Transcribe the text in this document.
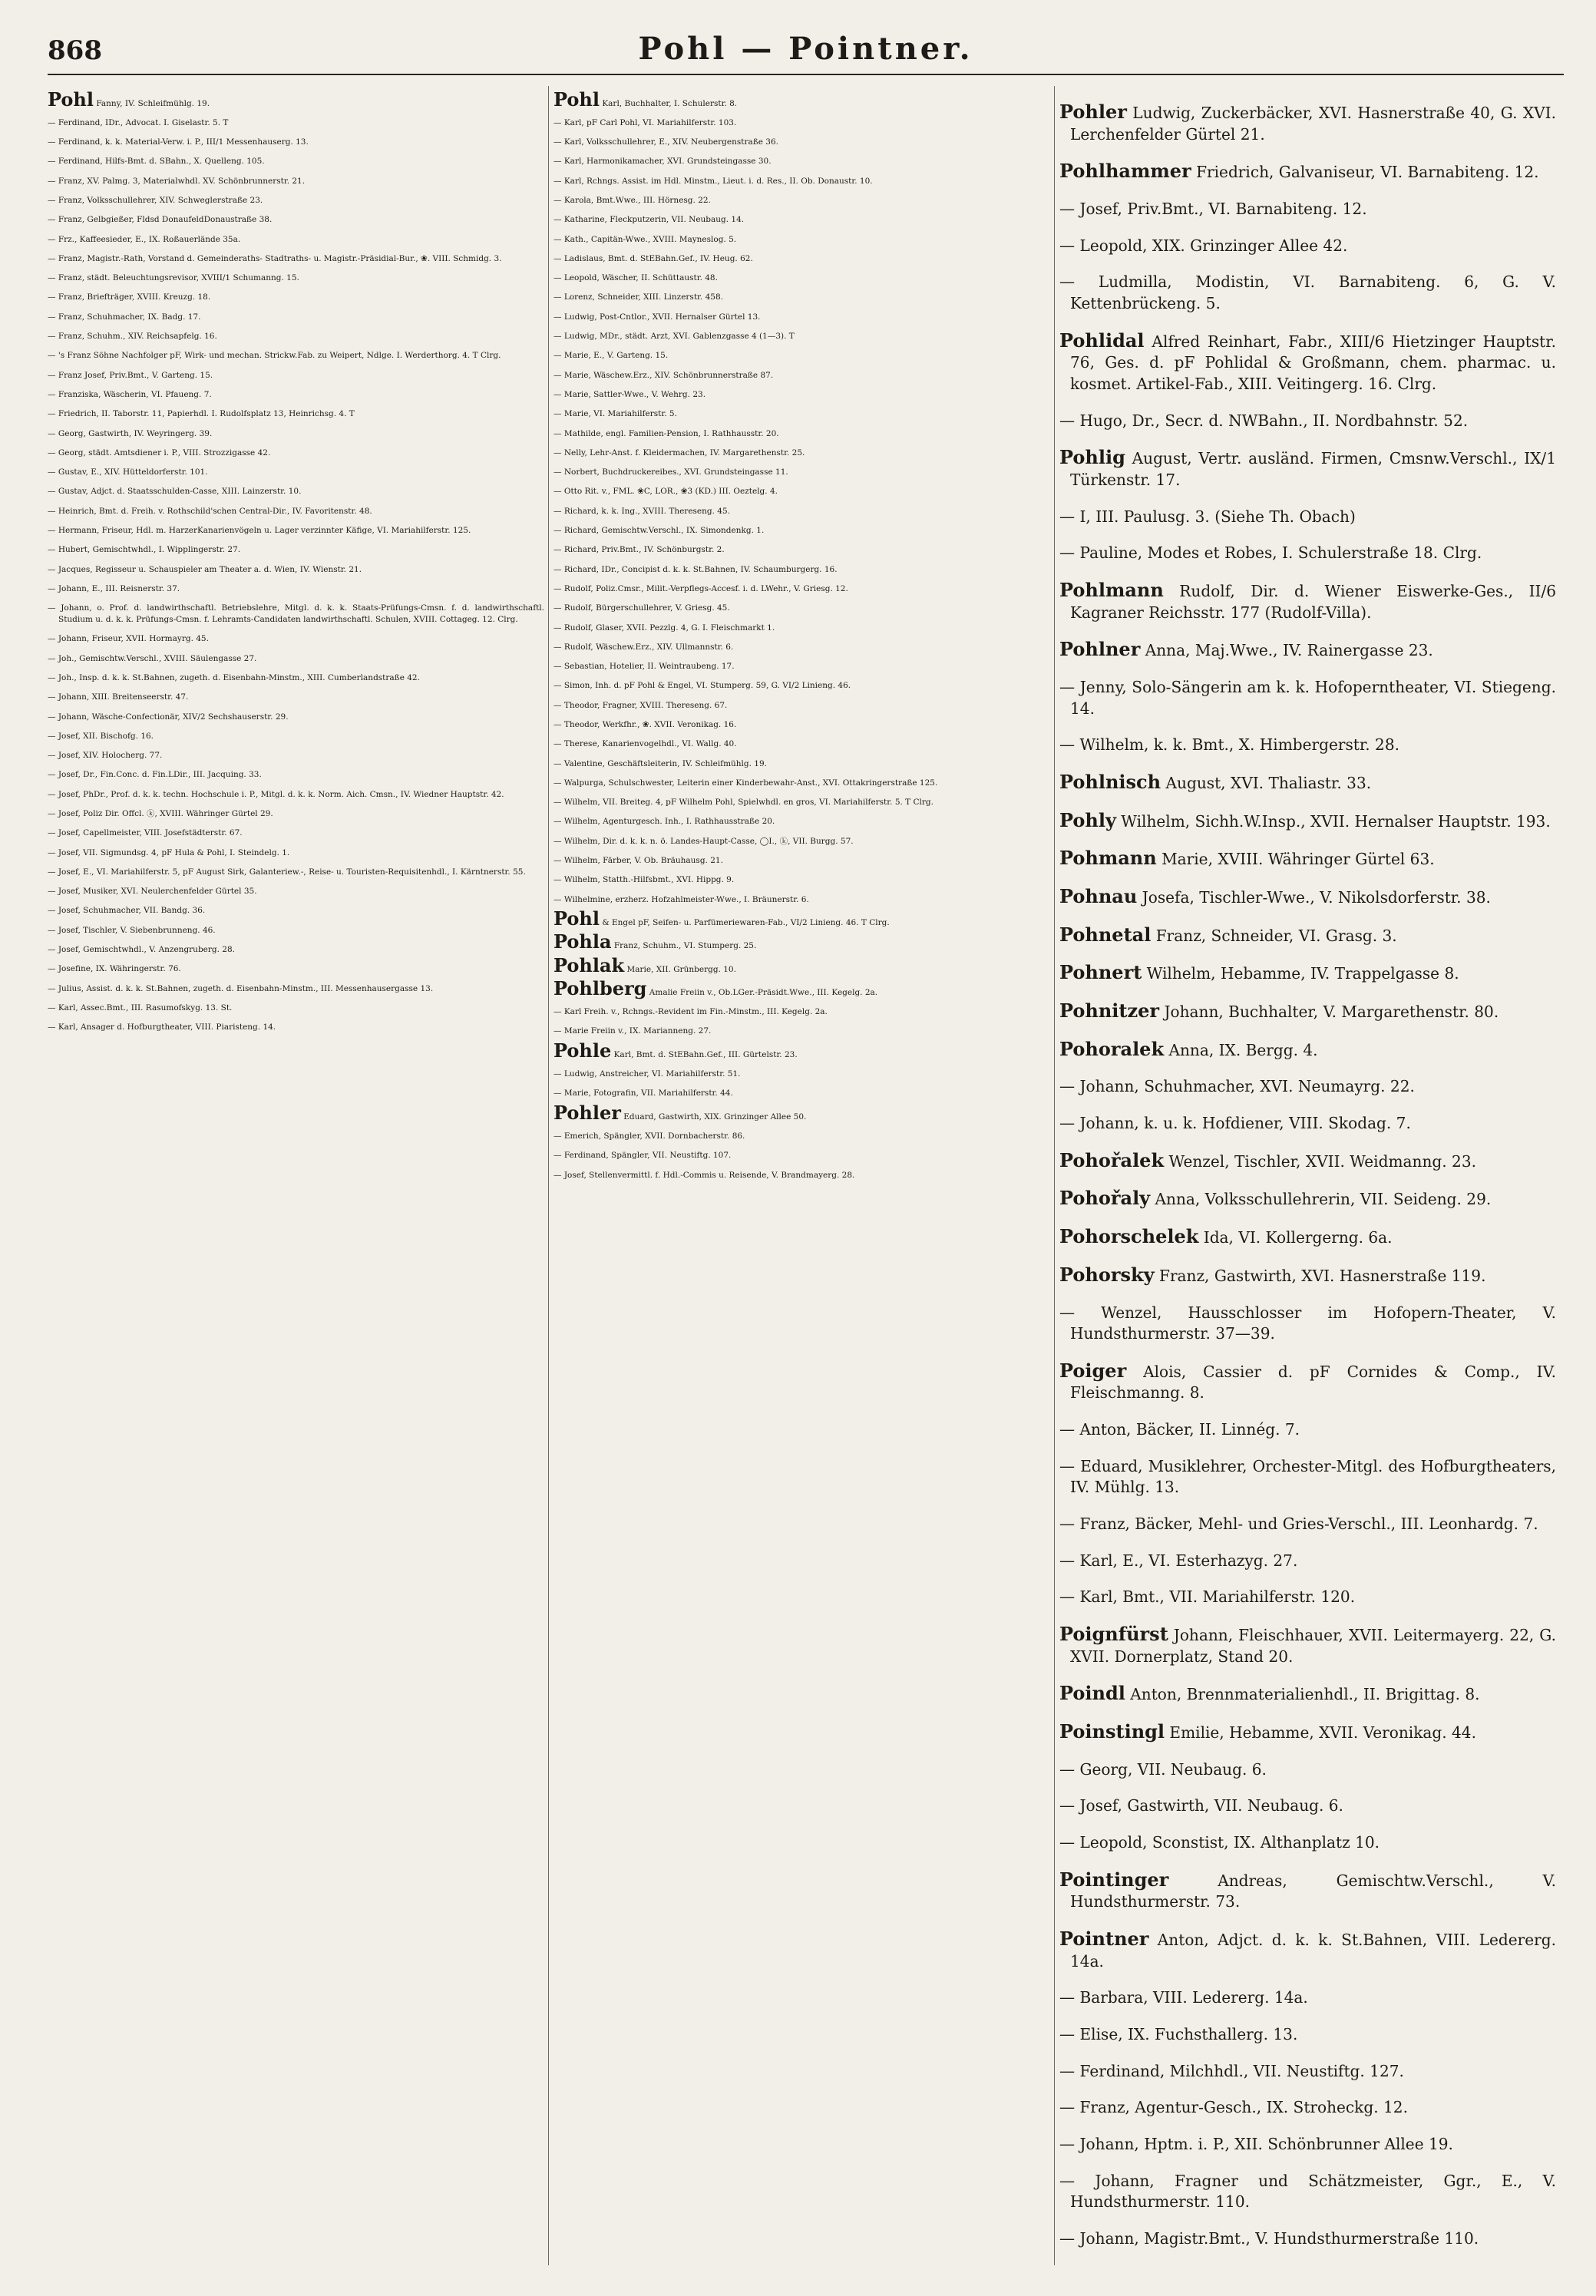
868	Pohl — Pointner.

Pohl Fanny, IV. Schleifmühlg. 19.

— Ferdinand, IDr., Advocat. I. Giselastr. 5. T

— Ferdinand, k. k. Material-Verw. i. P., III/1 Messenhauserg. 13.

— Ferdinand, Hilfs-Bmt. d. SBahn., X. Quelleng. 105.

— Franz, XV. Palmg. 3, Materialwhdl. XV. Schönbrunnerstr. 21.

— Franz, Volksschullehrer, XIV. Schweglerstraße 23.

— Franz, Gelbgießer, Fldsd DonaufeldDonaustraße 38.

— Frz., Kaffeesieder, E., IX. Roßauerlände 35a.

— Franz, Magistr.-Rath, Vorstand d. Gemeinderaths- Stadtraths- u. Magistr.-Präsidial-Bur., ❀. VIII. Schmidg. 3.

— Franz, städt. Beleuchtungsrevisor, XVIII/1 Schumanng. 15.

— Franz, Briefträger, XVIII. Kreuzg. 18.

— Franz, Schuhmacher, IX. Badg. 17.

— Franz, Schuhm., XIV. Reichsapfelg. 16.

— 's Franz Söhne Nachfolger pF, Wirk- und mechan. Strickw.Fab. zu Weipert, Ndlge. I. Werderthorg. 4. T Clrg.

— Franz Josef, Priv.Bmt., V. Garteng. 15.

— Franziska, Wäscherin, VI. Pfaueng. 7.

— Friedrich, II. Taborstr. 11, Papierhdl. I. Rudolfsplatz 13, Heinrichsg. 4. T

— Georg, Gastwirth, IV. Weyringerg. 39.

— Georg, städt. Amtsdiener i. P., VIII. Strozzigasse 42.

— Gustav, E., XIV. Hütteldorferstr. 101.

— Gustav, Adjct. d. Staatsschulden-Casse, XIII. Lainzerstr. 10.

— Heinrich, Bmt. d. Freih. v. Rothschild'schen Central-Dir., IV. Favoritenstr. 48.

— Hermann, Friseur, Hdl. m. HarzerKanarienvögeln u. Lager verzinnter Käfige, VI. Mariahilferstr. 125.

— Hubert, Gemischtwhdl., I. Wipplingerstr. 27.

— Jacques, Regisseur u. Schauspieler am Theater a. d. Wien, IV. Wienstr. 21.

— Johann, E., III. Reisnerstr. 37.

— Johann, o. Prof. d. landwirthschaftl. Betriebslehre, Mitgl. d. k. k. Staats-Prüfungs-Cmsn. f. d. landwirthschaftl. Studium u. d. k. k. Prüfungs-Cmsn. f. Lehramts-Candidaten landwirthschaftl. Schulen, XVIII. Cottageg. 12. Clrg.

— Johann, Friseur, XVII. Hormayrg. 45.

— Joh., Gemischtw.Verschl., XVIII. Säulengasse 27.

— Joh., Insp. d. k. k. St.Bahnen, zugeth. d. Eisenbahn-Minstm., XIII. Cumberlandstraße 42.

— Johann, XIII. Breitenseerstr. 47.

— Johann, Wäsche-Confectionär, XIV/2 Sechshauserstr. 29.

— Josef, XII. Bischofg. 16.

— Josef, XIV. Holocherg. 77.

— Josef, Dr., Fin.Conc. d. Fin.LDir., III. Jacquing. 33.

— Josef, PhDr., Prof. d. k. k. techn. Hochschule i. P., Mitgl. d. k. k. Norm. Aich. Cmsn., IV. Wiedner Hauptstr. 42.

— Josef, Poliz Dir. Offcl. ⓚ, XVIII. Währinger Gürtel 29.

— Josef, Capellmeister, VIII. Josefstädterstr. 67.

— Josef, VII. Sigmundsg. 4, pF Hula & Pohl, I. Steindelg. 1.

— Josef, E., VI. Mariahilferstr. 5, pF August Sirk, Galanteriew.-, Reise- u. Touristen-Requisitenhdl., I. Kärntnerstr. 55.

— Josef, Musiker, XVI. Neulerchenfelder Gürtel 35.

— Josef, Schuhmacher, VII. Bandg. 36.

— Josef, Tischler, V. Siebenbrunneng. 46.

— Josef, Gemischtwhdl., V. Anzengruberg. 28.

— Josefine, IX. Währingerstr. 76.

— Julius, Assist. d. k. k. St.Bahnen, zugeth. d. Eisenbahn-Minstm., III. Messenhausergasse 13.

— Karl, Assec.Bmt., III. Rasumofskyg. 13. St.

— Karl, Ansager d. Hofburgtheater, VIII. Piaristeng. 14.

Pohl Karl, Buchhalter, I. Schulerstr. 8.

— Karl, pF Carl Pohl, VI. Mariahilferstr. 103.

— Karl, Volksschullehrer, E., XIV. Neubergenstraße 36.

— Karl, Harmonikamacher, XVI. Grundsteingasse 30.

— Karl, Rchngs. Assist. im Hdl. Minstm., Lieut. i. d. Res., II. Ob. Donaustr. 10.

— Karola, Bmt.Wwe., III. Hörnesg. 22.

— Katharine, Fleckputzerin, VII. Neubaug. 14.

— Kath., Capitän-Wwe., XVIII. Mayneslog. 5.

— Ladislaus, Bmt. d. StEBahn.Gef., IV. Heug. 62.

— Leopold, Wäscher, II. Schüttaustr. 48.

— Lorenz, Schneider, XIII. Linzerstr. 458.

— Ludwig, Post-Cntlor., XVII. Hernalser Gürtel 13.

— Ludwig, MDr., städt. Arzt, XVI. Gablenzgasse 4 (1—3). T

— Marie, E., V. Garteng. 15.

— Marie, Wäschew.Erz., XIV. Schönbrunnerstraße 87.

— Marie, Sattler-Wwe., V. Wehrg. 23.

— Marie, VI. Mariahilferstr. 5.

— Mathilde, engl. Familien-Pension, I. Rathhausstr. 20.

— Nelly, Lehr-Anst. f. Kleidermachen, IV. Margarethenstr. 25.

— Norbert, Buchdruckereibes., XVI. Grundsteingasse 11.

— Otto Rit. v., FML. ❀C, LOR., ❀3 (KD.) III. Oeztelg. 4.

— Richard, k. k. Ing., XVIII. Thereseng. 45.

— Richard, Gemischtw.Verschl., IX. Simondenkg. 1.

— Richard, Priv.Bmt., IV. Schönburgstr. 2.

— Richard, IDr., Concipist d. k. k. St.Bahnen, IV. Schaumburgerg. 16.

— Rudolf, Poliz.Cmsr., Milit.-Verpflegs-Accesf. i. d. LWehr., V. Griesg. 12.

— Rudolf, Bürgerschullehrer, V. Griesg. 45.

— Rudolf, Glaser, XVII. Pezzlg. 4, G. I. Fleischmarkt 1.

— Rudolf, Wäschew.Erz., XIV. Ullmannstr. 6.

— Sebastian, Hotelier, II. Weintraubeng. 17.

— Simon, Inh. d. pF Pohl & Engel, VI. Stumperg. 59, G. VI/2 Linieng. 46.

— Theodor, Fragner, XVIII. Thereseng. 67.

— Theodor, Werkfhr., ❀. XVII. Veronikag. 16.

— Therese, Kanarienvogelhdl., VI. Wallg. 40.

— Valentine, Geschäftsleiterin, IV. Schleifmühlg. 19.

— Walpurga, Schulschwester, Leiterin einer Kinderbewahr-Anst., XVI. Ottakringerstraße 125.

— Wilhelm, VII. Breiteg. 4, pF Wilhelm Pohl, Spielwhdl. en gros, VI. Mariahilferstr. 5. T Clrg.

— Wilhelm, Agenturgesch. Inh., I. Rathhausstraße 20.

— Wilhelm, Dir. d. k. k. n. ö. Landes-Haupt-Casse, ◯I., ⓚ, VII. Burgg. 57.

— Wilhelm, Färber, V. Ob. Bräuhausg. 21.

— Wilhelm, Statth.-Hilfsbmt., XVI. Hippg. 9.

— Wilhelmine, erzherz. Hofzahlmeister-Wwe., I. Bräunerstr. 6.

Pohl & Engel pF, Seifen- u. Parfümeriewaren-Fab., VI/2 Linieng. 46. T Clrg.

Pohla Franz, Schuhm., VI. Stumperg. 25.

Pohlak Marie, XII. Grünbergg. 10.

Pohlberg Amalie Freiin v., Ob.LGer.-Präsidt.Wwe., III. Kegelg. 2a.

— Karl Freih. v., Rchngs.-Revident im Fin.-Minstm., III. Kegelg. 2a.

— Marie Freiin v., IX. Marianneng. 27.

Pohle Karl, Bmt. d. StEBahn.Gef., III. Gürtelstr. 23.

— Ludwig, Anstreicher, VI. Mariahilferstr. 51.

— Marie, Fotografin, VII. Mariahilferstr. 44.

Pohler Eduard, Gastwirth, XIX. Grinzinger Allee 50.

— Emerich, Spängler, XVII. Dornbacherstr. 86.

— Ferdinand, Spängler, VII. Neustiftg. 107.

— Josef, Stellenvermittl. f. Hdl.-Commis u. Reisende, V. Brandmayerg. 28.

Pohler Ludwig, Zuckerbäcker, XVI. Hasnerstraße 40, G. XVI. Lerchenfelder Gürtel 21.

Pohlhammer Friedrich, Galvaniseur, VI. Barnabiteng. 12.

— Josef, Priv.Bmt., VI. Barnabiteng. 12.

— Leopold, XIX. Grinzinger Allee 42.

— Ludmilla, Modistin, VI. Barnabiteng. 6, G. V. Kettenbrückeng. 5.

Pohlidal Alfred Reinhart, Fabr., XIII/6 Hietzinger Hauptstr. 76, Ges. d. pF Pohlidal & Großmann, chem. pharmac. u. kosmet. Artikel-Fab., XIII. Veitingerg. 16. Clrg.

— Hugo, Dr., Secr. d. NWBahn., II. Nordbahnstr. 52.

Pohlig August, Vertr. ausländ. Firmen, Cmsnw.Verschl., IX/1 Türkenstr. 17.

— I, III. Paulusg. 3. (Siehe Th. Obach)

— Pauline, Modes et Robes, I. Schulerstraße 18. Clrg.

Pohlmann Rudolf, Dir. d. Wiener Eiswerke-Ges., II/6 Kagraner Reichsstr. 177 (Rudolf-Villa).

Pohlner Anna, Maj.Wwe., IV. Rainergasse 23.

— Jenny, Solo-Sängerin am k. k. Hofoperntheater, VI. Stiegeng. 14.

— Wilhelm, k. k. Bmt., X. Himbergerstr. 28.

Pohlnisch August, XVI. Thaliastr. 33.

Pohly Wilhelm, Sichh.W.Insp., XVII. Hernalser Hauptstr. 193.

Pohmann Marie, XVIII. Währinger Gürtel 63.

Pohnau Josefa, Tischler-Wwe., V. Nikolsdorferstr. 38.

Pohnetal Franz, Schneider, VI. Grasg. 3.

Pohnert Wilhelm, Hebamme, IV. Trappelgasse 8.

Pohnitzer Johann, Buchhalter, V. Margarethenstr. 80.

Pohoralek Anna, IX. Bergg. 4.

— Johann, Schuhmacher, XVI. Neumayrg. 22.

— Johann, k. u. k. Hofdiener, VIII. Skodag. 7.

Pohořalek Wenzel, Tischler, XVII. Weidmanng. 23.

Pohořaly Anna, Volksschullehrerin, VII. Seideng. 29.

Pohorschelek Ida, VI. Kollergerng. 6a.

Pohorsky Franz, Gastwirth, XVI. Hasnerstraße 119.

— Wenzel, Hausschlosser im Hofopern-Theater, V. Hundsthurmerstr. 37—39.

Poiger Alois, Cassier d. pF Cornides & Comp., IV. Fleischmanng. 8.

— Anton, Bäcker, II. Linnég. 7.

— Eduard, Musiklehrer, Orchester-Mitgl. des Hofburgtheaters, IV. Mühlg. 13.

— Franz, Bäcker, Mehl- und Gries-Verschl., III. Leonhardg. 7.

— Karl, E., VI. Esterhazyg. 27.

— Karl, Bmt., VII. Mariahilferstr. 120.

Poignfürst Johann, Fleischhauer, XVII. Leitermayerg. 22, G. XVII. Dornerplatz, Stand 20.

Poindl Anton, Brennmaterialienhdl., II. Brigittag. 8.

Poinstingl Emilie, Hebamme, XVII. Veronikag. 44.

— Georg, VII. Neubaug. 6.

— Josef, Gastwirth, VII. Neubaug. 6.

— Leopold, Sconstist, IX. Althanplatz 10.

Pointinger Andreas, Gemischtw.Verschl., V. Hundsthurmerstr. 73.

Pointner Anton, Adjct. d. k. k. St.Bahnen, VIII. Ledererg. 14a.

— Barbara, VIII. Ledererg. 14a.

— Elise, IX. Fuchsthallerg. 13.

— Ferdinand, Milchhdl., VII. Neustiftg. 127.

— Franz, Agentur-Gesch., IX. Stroheckg. 12.

— Johann, Hptm. i. P., XII. Schönbrunner Allee 19.

— Johann, Fragner und Schätzmeister, Ggr., E., V. Hundsthurmerstr. 110.

— Johann, Magistr.Bmt., V. Hundsthurmerstraße 110.
